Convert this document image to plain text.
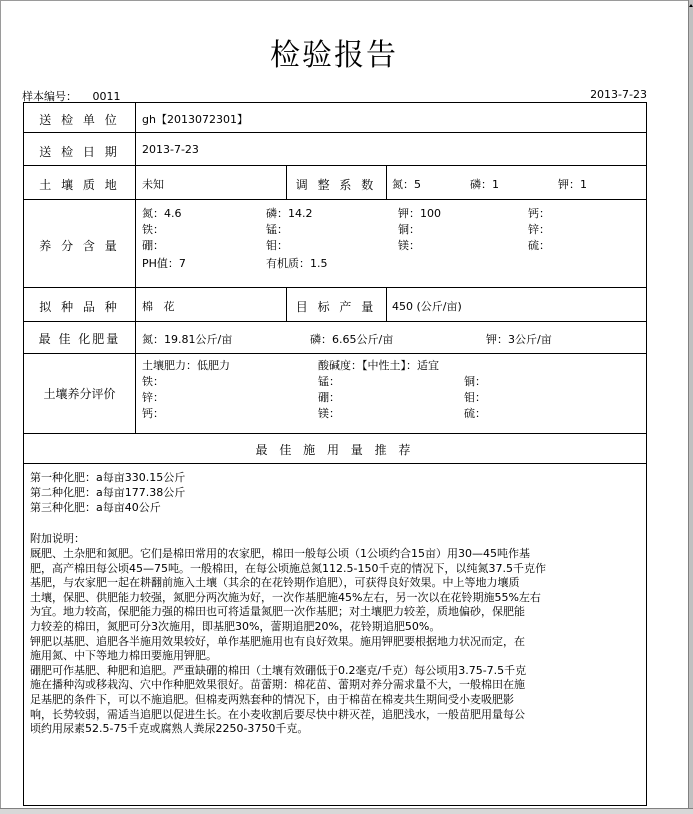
检验报告
样本编号： 0011	2013-7-23
送 检 单 位	gh【2013072301】
送 检 日 期	2013-7-23
土 壤 质 地	未知	调 整 系 数	氮：5	磷：1	钾：1
养 分 含 量
氮：4.6	磷：14.2	钾：100	钙：
铁：	锰：	铜：	锌：
硼：	钼：	镁：	硫：
PH值：7	有机质：1.5
拟 种 品 种	棉   花	目 标 产 量	450 (公斤/亩)
最 佳 化肥量	氮：19.81公斤/亩	磷：6.65公斤/亩	钾：3公斤/亩
土壤养分评价
土壤肥力：低肥力	酸碱度：【中性土】：适宜
铁：	锰：	铜：
锌：	硼：	钼：
钙：	镁：	硫：
最 佳 施 用 量 推 荐
第一种化肥：a每亩330.15公斤
第二种化肥：a每亩177.38公斤
第三种化肥：a每亩40公斤
附加说明：
厩肥、土杂肥和氮肥。它们是棉田常用的农家肥，棉田一般每公顷（1公顷约合15亩）用30—45吨作基
肥，高产棉田每公顷45—75吨。一般棉田，在每公顷施总氮112.5-150千克的情况下，以纯氮37.5千克作
基肥，与农家肥一起在耕翻前施入土壤（其余的在花铃期作追肥），可获得良好效果。中上等地力壤质
土壤，保肥、供肥能力较强，氮肥分两次施为好，一次作基肥施45%左右，另一次以在花铃期施55%左右
为宜。地力较高，保肥能力强的棉田也可将适量氮肥一次作基肥；对土壤肥力较差，质地偏砂，保肥能
力较差的棉田，氮肥可分3次施用，即基肥30%，蕾期追肥20%，花铃期追肥50%。
钾肥以基肥、追肥各半施用效果较好，单作基肥施用也有良好效果。施用钾肥要根据地力状况而定，在
施用氮、中下等地力棉田要施用钾肥。
硼肥可作基肥、种肥和追肥。严重缺硼的棉田（土壤有效硼低于0.2毫克/千克）每公顷用3.75-7.5千克
施在播种沟或移栽沟、穴中作种肥效果很好。苗蕾期：棉花苗、蕾期对养分需求量不大，一般棉田在施
足基肥的条件下，可以不施追肥。但棉麦两熟套种的情况下，由于棉苗在棉麦共生期间受小麦吸肥影
响，长势较弱，需适当追肥以促进生长。在小麦收割后要尽快中耕灭茬，追肥浅水，一般苗肥用量每公
顷约用尿素52.5-75千克或腐熟人粪尿2250-3750千克。
